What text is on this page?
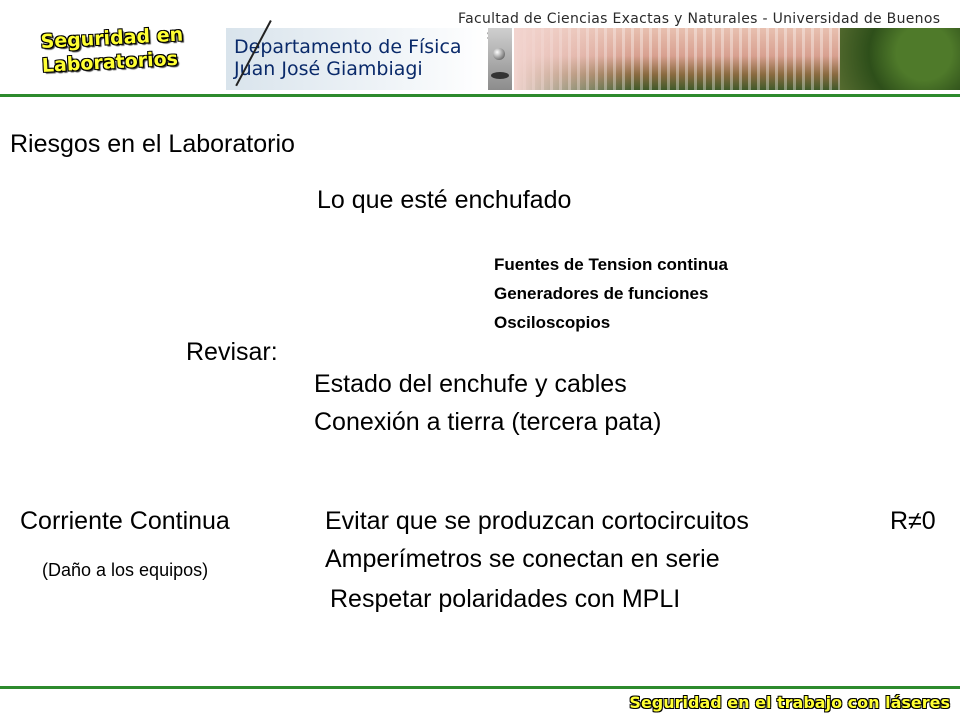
Facultad de Ciencias Exactas y Naturales - Universidad de Buenos
Seguridad en
Laboratorios
Departamento de Física
Juan José Giambiagi
Riesgos en el Laboratorio
Lo que esté enchufado
Fuentes de Tension continua
Generadores de funciones
Osciloscopios
Revisar:
Estado del enchufe y cables
Conexión a tierra (tercera pata)
Corriente Continua
(Daño a los equipos)
Evitar que se produzcan cortocircuitos	R≠0
Amperímetros se conectan en serie
Respetar polaridades con MPLI
Seguridad en el trabajo con láseres
